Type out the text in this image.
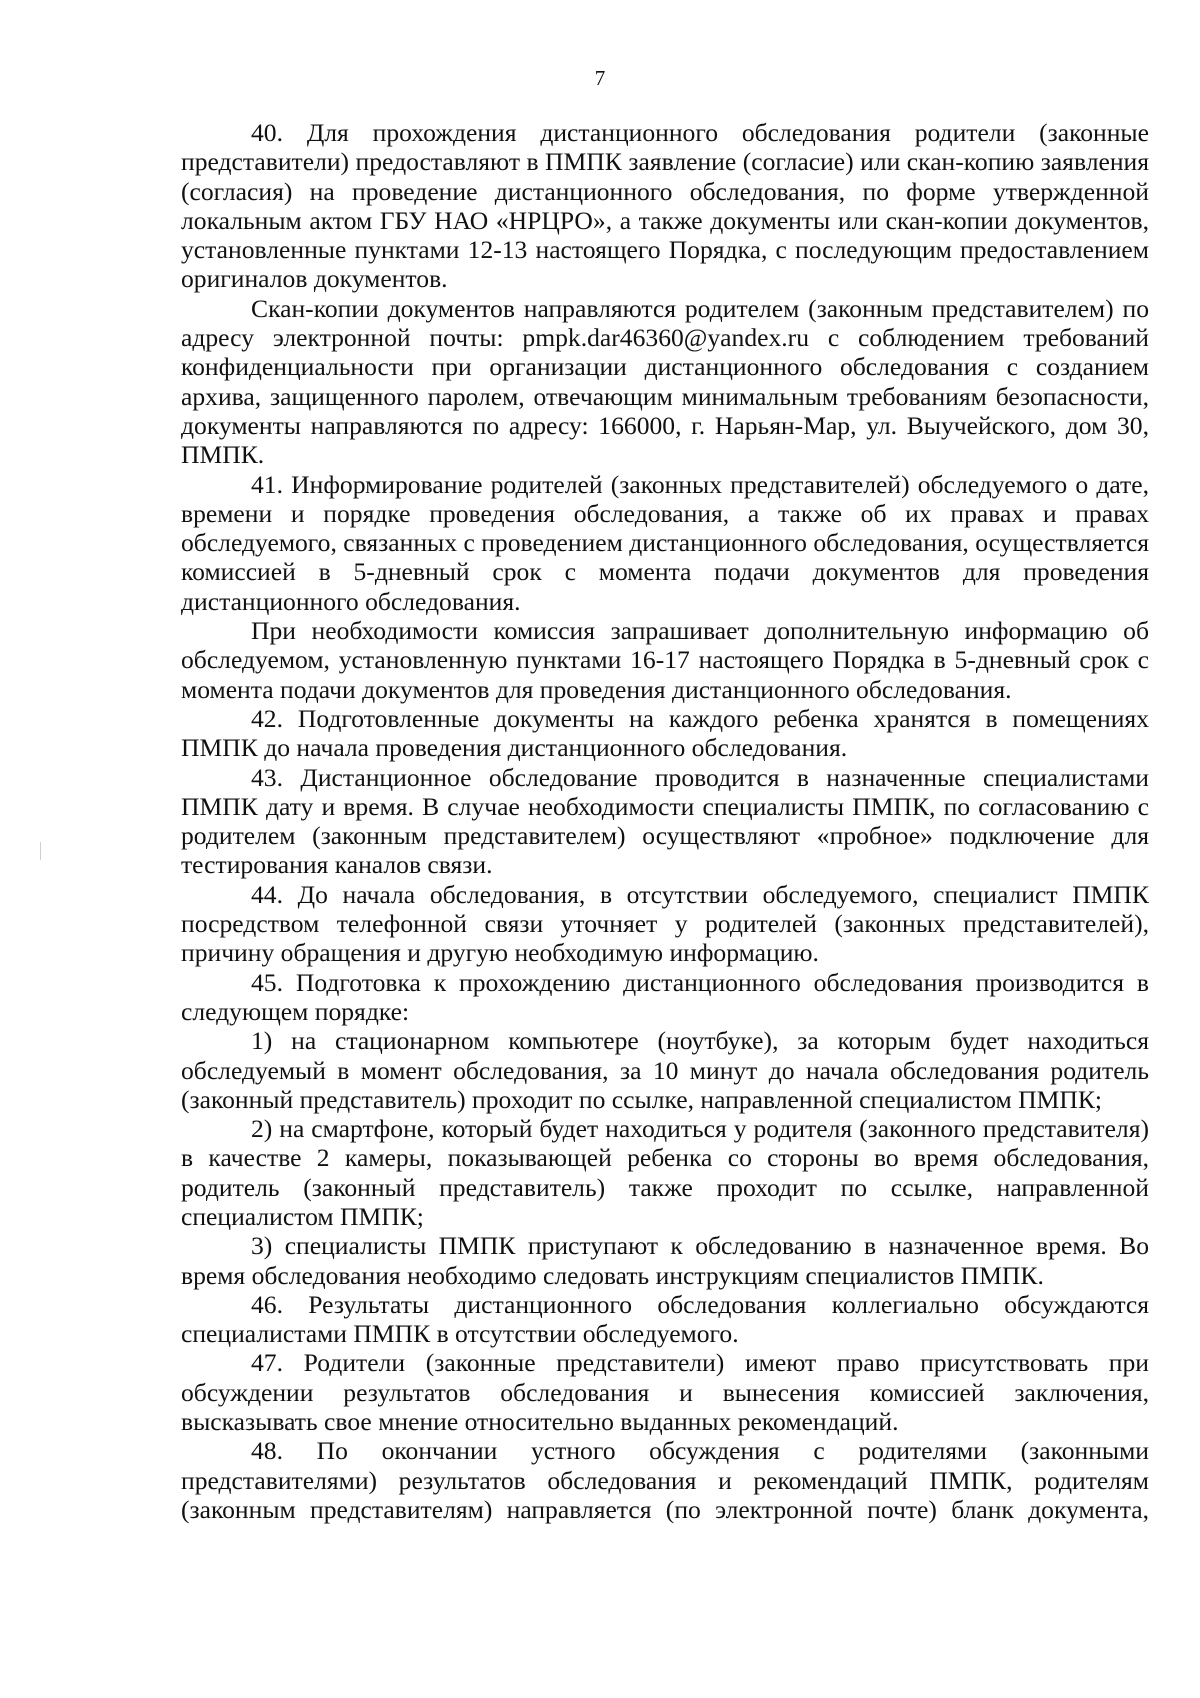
7

40. Для прохождения дистанционного обследования родители (законные представители) предоставляют в ПМПК заявление (согласие) или скан-копию заявления (согласия) на проведение дистанционного обследования, по форме утвержденной локальным актом ГБУ НАО «НРЦРО», а также документы или скан-копии документов, установленные пунктами 12-13 настоящего Порядка, с последующим предоставлением оригиналов документов.

Скан-копии документов направляются родителем (законным представителем) по адресу электронной почты: pmpk.dar46360@yandex.ru с соблюдением требований конфиденциальности при организации дистанционного обследования с созданием архива, защищенного паролем, отвечающим минимальным требованиям безопасности, документы направляются по адресу: 166000, г. Нарьян-Мар, ул. Выучейского, дом 30, ПМПК.

41. Информирование родителей (законных представителей) обследуемого о дате, времени и порядке проведения обследования, а также об их правах и правах обследуемого, связанных с проведением дистанционного обследования, осуществляется комиссией в 5-дневный срок с момента подачи документов для проведения дистанционного обследования.

При необходимости комиссия запрашивает дополнительную информацию об обследуемом, установленную пунктами 16-17 настоящего Порядка в 5-дневный срок с момента подачи документов для проведения дистанционного обследования.

42. Подготовленные документы на каждого ребенка хранятся в помещениях ПМПК до начала проведения дистанционного обследования.

43. Дистанционное обследование проводится в назначенные специалистами ПМПК дату и время. В случае необходимости специалисты ПМПК, по согласованию с родителем (законным представителем) осуществляют «пробное» подключение для тестирования каналов связи.

44. До начала обследования, в отсутствии обследуемого, специалист ПМПК посредством телефонной связи уточняет у родителей (законных представителей), причину обращения и другую необходимую информацию.

45. Подготовка к прохождению дистанционного обследования производится в следующем порядке:

1) на стационарном компьютере (ноутбуке), за которым будет находиться обследуемый в момент обследования, за 10 минут до начала обследования родитель (законный представитель) проходит по ссылке, направленной специалистом ПМПК;

2) на смартфоне, который будет находиться у родителя (законного представителя) в качестве 2 камеры, показывающей ребенка со стороны во время обследования, родитель (законный представитель) также проходит по ссылке, направленной специалистом ПМПК;

3) специалисты ПМПК приступают к обследованию в назначенное время. Во время обследования необходимо следовать инструкциям специалистов ПМПК.

46. Результаты дистанционного обследования коллегиально обсуждаются специалистами ПМПК в отсутствии обследуемого.

47. Родители (законные представители) имеют право присутствовать при обсуждении результатов обследования и вынесения комиссией заключения, высказывать свое мнение относительно выданных рекомендаций.

48. По окончании устного обсуждения с родителями (законными представителями) результатов обследования и рекомендаций ПМПК, родителям (законным представителям) направляется (по электронной почте) бланк документа,
